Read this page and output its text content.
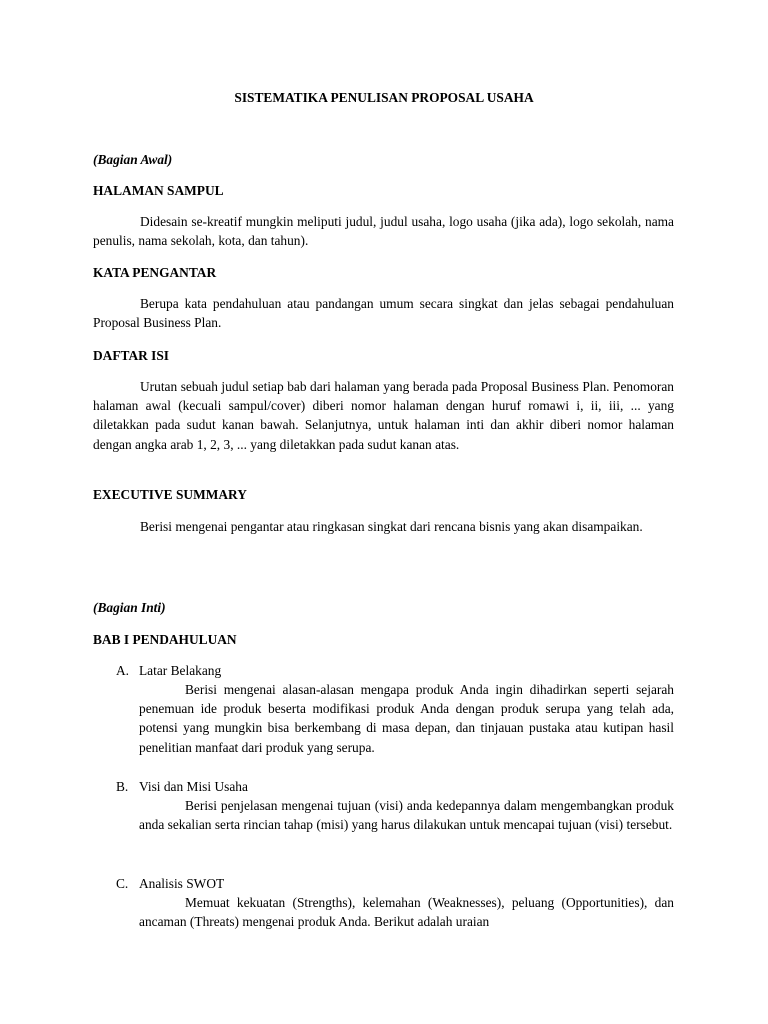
SISTEMATIKA PENULISAN PROPOSAL USAHA
(Bagian Awal)
HALAMAN SAMPUL
Didesain se-kreatif mungkin meliputi judul, judul usaha, logo usaha (jika ada), logo sekolah, nama penulis, nama sekolah, kota, dan tahun).
KATA PENGANTAR
Berupa kata pendahuluan atau pandangan umum secara singkat dan jelas sebagai pendahuluan Proposal Business Plan.
DAFTAR ISI
Urutan sebuah judul setiap bab dari halaman yang berada pada Proposal Business Plan. Penomoran halaman awal (kecuali sampul/cover) diberi nomor halaman dengan huruf romawi i, ii, iii, ... yang diletakkan pada sudut kanan bawah. Selanjutnya, untuk halaman inti dan akhir diberi nomor halaman dengan angka arab 1, 2, 3, ... yang diletakkan pada sudut kanan atas.
EXECUTIVE SUMMARY
Berisi mengenai pengantar atau ringkasan singkat dari rencana bisnis yang akan disampaikan.
(Bagian Inti)
BAB I PENDAHULUAN
A. Latar Belakang
Berisi mengenai alasan-alasan mengapa produk Anda ingin dihadirkan seperti sejarah penemuan ide produk beserta modifikasi produk Anda dengan produk serupa yang telah ada, potensi yang mungkin bisa berkembang di masa depan, dan tinjauan pustaka atau kutipan hasil penelitian manfaat dari produk yang serupa.
B. Visi dan Misi Usaha
Berisi penjelasan mengenai tujuan (visi) anda kedepannya dalam mengembangkan produk anda sekalian serta rincian tahap (misi) yang harus dilakukan untuk mencapai tujuan (visi) tersebut.
C. Analisis SWOT
Memuat kekuatan (Strengths), kelemahan (Weaknesses), peluang (Opportunities), dan ancaman (Threats) mengenai produk Anda. Berikut adalah uraian
